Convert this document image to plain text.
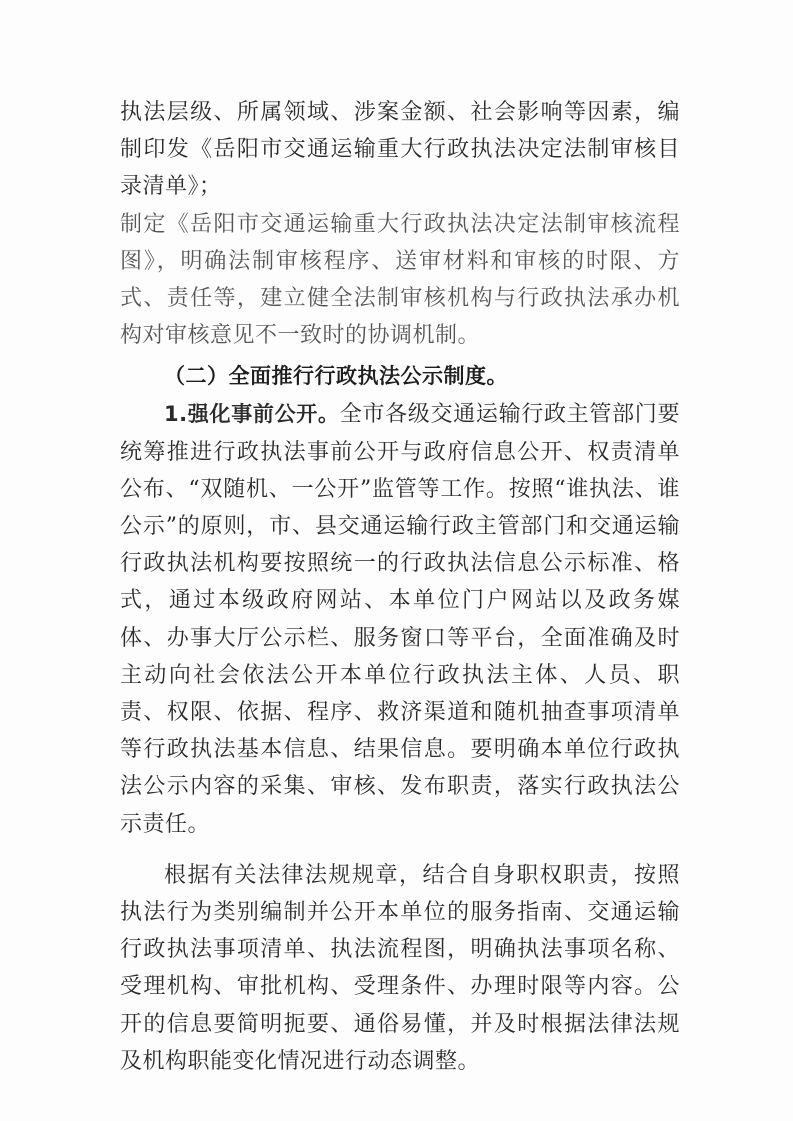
执法层级、所属领域、涉案金额、社会影响等因素，编制印发《岳阳市交通运输重大行政执法决定法制审核目录清单》；

制定《岳阳市交通运输重大行政执法决定法制审核流程图》，明确法制审核程序、送审材料和审核的时限、方式、责任等，建立健全法制审核机构与行政执法承办机构对审核意见不一致时的协调机制。

（二）全面推行行政执法公示制度。

1.强化事前公开。全市各级交通运输行政主管部门要统筹推进行政执法事前公开与政府信息公开、权责清单公布、“双随机、一公开”监管等工作。按照“谁执法、谁公示”的原则，市、县交通运输行政主管部门和交通运输行政执法机构要按照统一的行政执法信息公示标准、格式，通过本级政府网站、本单位门户网站以及政务媒体、办事大厅公示栏、服务窗口等平台，全面准确及时主动向社会依法公开本单位行政执法主体、人员、职责、权限、依据、程序、救济渠道和随机抽查事项清单等行政执法基本信息、结果信息。要明确本单位行政执法公示内容的采集、审核、发布职责，落实行政执法公示责任。

根据有关法律法规规章，结合自身职权职责，按照执法行为类别编制并公开本单位的服务指南、交通运输行政执法事项清单、执法流程图，明确执法事项名称、受理机构、审批机构、受理条件、办理时限等内容。公开的信息要简明扼要、通俗易懂，并及时根据法律法规及机构职能变化情况进行动态调整。
